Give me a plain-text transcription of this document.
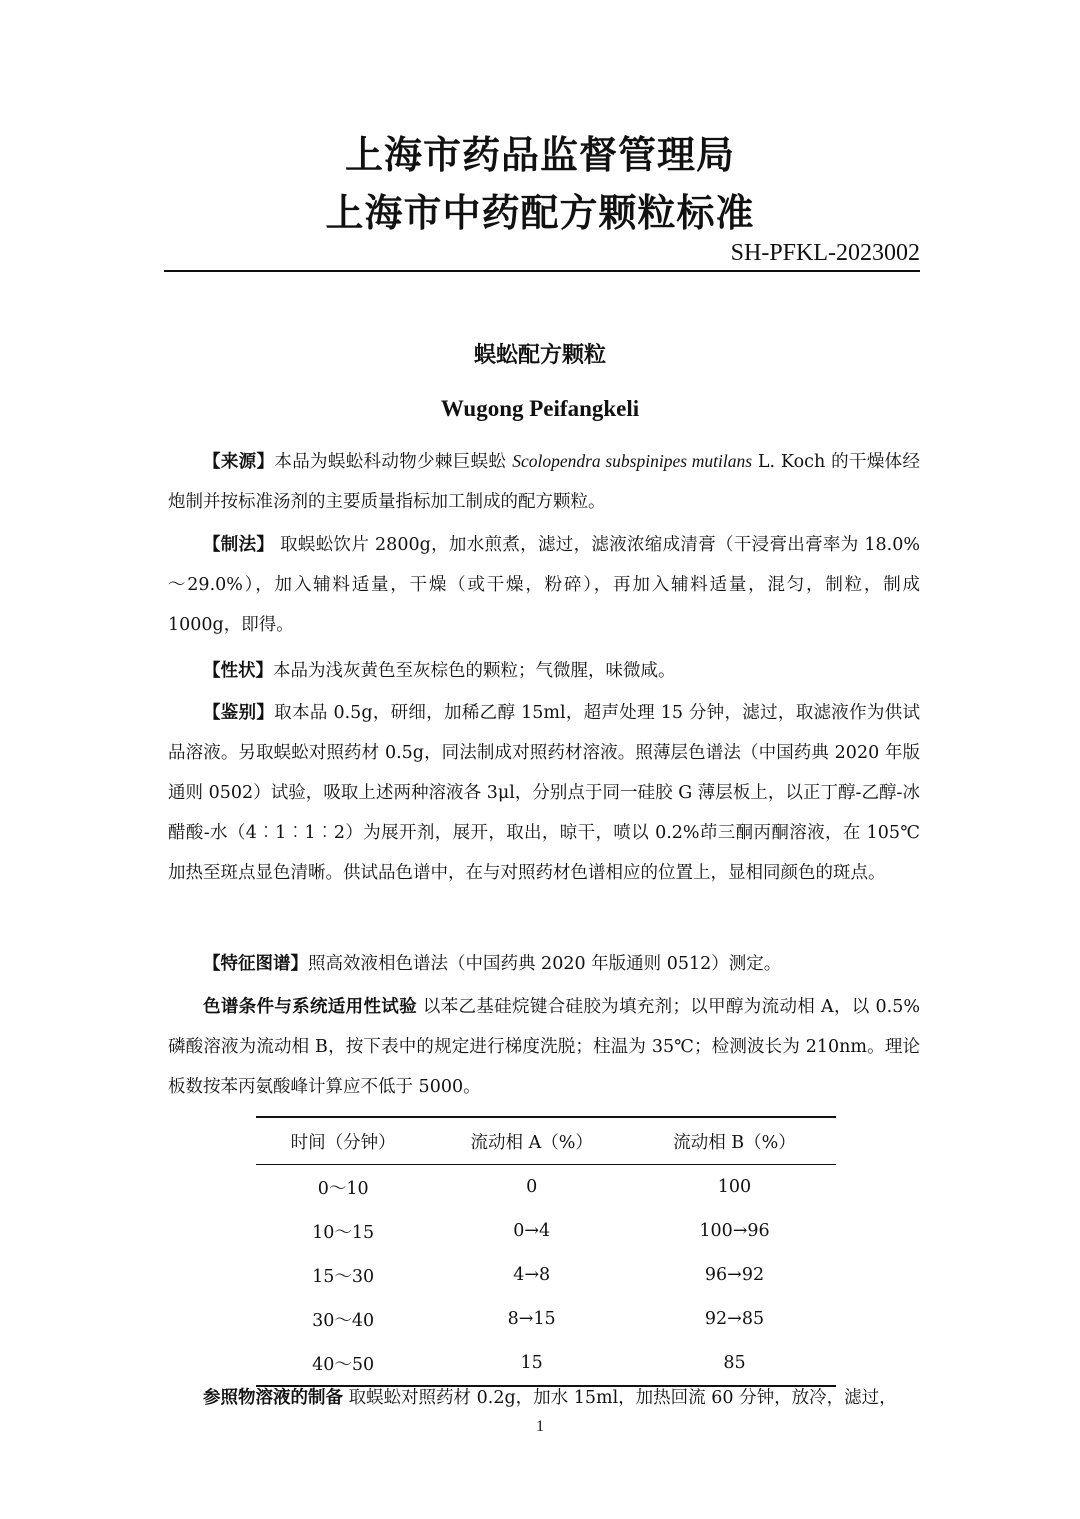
上海市药品监督管理局
上海市中药配方颗粒标准
SH-PFKL-2023002
蜈蚣配方颗粒
Wugong Peifangkeli

【来源】本品为蜈蚣科动物少棘巨蜈蚣 Scolopendra subspinipes mutilans L. Koch 的干燥体经炮制并按标准汤剂的主要质量指标加工制成的配方颗粒。

【制法】 取蜈蚣饮片 2800g，加水煎煮，滤过，滤液浓缩成清膏（干浸膏出膏率为 18.0%～29.0%），加入辅料适量，干燥（或干燥，粉碎），再加入辅料适量，混匀，制粒，制成 1000g，即得。

【性状】本品为浅灰黄色至灰棕色的颗粒；气微腥，味微咸。

【鉴别】取本品 0.5g，研细，加稀乙醇 15ml，超声处理 15 分钟，滤过，取滤液作为供试品溶液。另取蜈蚣对照药材 0.5g，同法制成对照药材溶液。照薄层色谱法（中国药典 2020 年版通则 0502）试验，吸取上述两种溶液各 3μl，分别点于同一硅胶 G 薄层板上，以正丁醇-乙醇-冰醋酸-水（4︰1︰1︰2）为展开剂，展开，取出，晾干，喷以 0.2%茚三酮丙酮溶液，在 105℃加热至斑点显色清晰。供试品色谱中，在与对照药材色谱相应的位置上，显相同颜色的斑点。

【特征图谱】照高效液相色谱法（中国药典 2020 年版通则 0512）测定。

色谱条件与系统适用性试验 以苯乙基硅烷键合硅胶为填充剂；以甲醇为流动相 A，以 0.5%磷酸溶液为流动相 B，按下表中的规定进行梯度洗脱；柱温为 35℃；检测波长为 210nm。理论板数按苯丙氨酸峰计算应不低于 5000。

时间（分钟）	流动相 A（%）	流动相 B（%）
0～10	0	100
10～15	0→4	100→96
15～30	4→8	96→92
30～40	8→15	92→85
40～50	15	85

参照物溶液的制备 取蜈蚣对照药材 0.2g，加水 15ml，加热回流 60 分钟，放冷，滤过，

1
